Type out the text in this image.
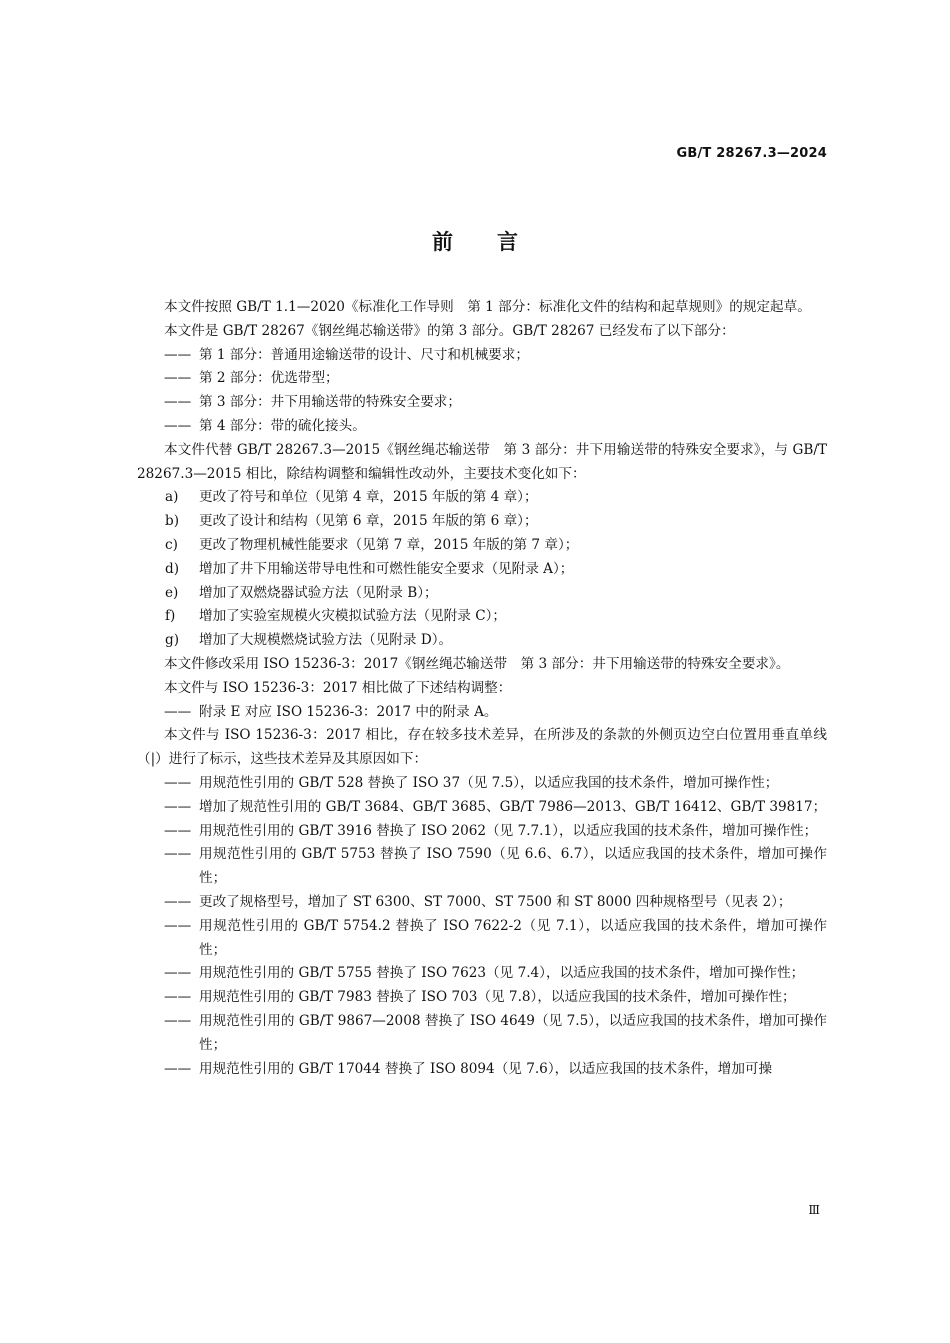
GB/T 28267.3—2024
前言

本文件按照 GB/T 1.1—2020《标准化工作导则　第 1 部分：标准化文件的结构和起草规则》的规定起草。

本文件是 GB/T 28267《钢丝绳芯输送带》的第 3 部分。GB/T 28267 已经发布了以下部分：

—— 第 1 部分：普通用途输送带的设计、尺寸和机械要求；

—— 第 2 部分：优选带型；

—— 第 3 部分：井下用输送带的特殊安全要求；

—— 第 4 部分：带的硫化接头。

本文件代替 GB/T 28267.3—2015《钢丝绳芯输送带　第 3 部分：井下用输送带的特殊安全要求》，与 GB/T 28267.3—2015 相比，除结构调整和编辑性改动外，主要技术变化如下：

a) 更改了符号和单位（见第 4 章，2015 年版的第 4 章）；

b) 更改了设计和结构（见第 6 章，2015 年版的第 6 章）；

c) 更改了物理机械性能要求（见第 7 章，2015 年版的第 7 章）；

d) 增加了井下用输送带导电性和可燃性能安全要求（见附录 A）；

e) 增加了双燃烧器试验方法（见附录 B）；

f) 增加了实验室规模火灾模拟试验方法（见附录 C）；

g) 增加了大规模燃烧试验方法（见附录 D）。

本文件修改采用 ISO 15236-3：2017《钢丝绳芯输送带　第 3 部分：井下用输送带的特殊安全要求》。

本文件与 ISO 15236-3：2017 相比做了下述结构调整：

—— 附录 E 对应 ISO 15236-3：2017 中的附录 A。

本文件与 ISO 15236-3：2017 相比，存在较多技术差异，在所涉及的条款的外侧页边空白位置用垂直单线（|）进行了标示，这些技术差异及其原因如下：

—— 用规范性引用的 GB/T 528 替换了 ISO 37（见 7.5），以适应我国的技术条件，增加可操作性；

—— 增加了规范性引用的 GB/T 3684、GB/T 3685、GB/T 7986—2013、GB/T 16412、GB/T 39817；

—— 用规范性引用的 GB/T 3916 替换了 ISO 2062（见 7.7.1），以适应我国的技术条件，增加可操作性；

—— 用规范性引用的 GB/T 5753 替换了 ISO 7590（见 6.6、6.7），以适应我国的技术条件，增加可操作性；

—— 更改了规格型号，增加了 ST 6300、ST 7000、ST 7500 和 ST 8000 四种规格型号（见表 2）；

—— 用规范性引用的 GB/T 5754.2 替换了 ISO 7622-2（见 7.1），以适应我国的技术条件，增加可操作性；

—— 用规范性引用的 GB/T 5755 替换了 ISO 7623（见 7.4），以适应我国的技术条件，增加可操作性；

—— 用规范性引用的 GB/T 7983 替换了 ISO 703（见 7.8），以适应我国的技术条件，增加可操作性；

—— 用规范性引用的 GB/T 9867—2008 替换了 ISO 4649（见 7.5），以适应我国的技术条件，增加可操作性；

—— 用规范性引用的 GB/T 17044 替换了 ISO 8094（见 7.6），以适应我国的技术条件，增加可操

Ⅲ
